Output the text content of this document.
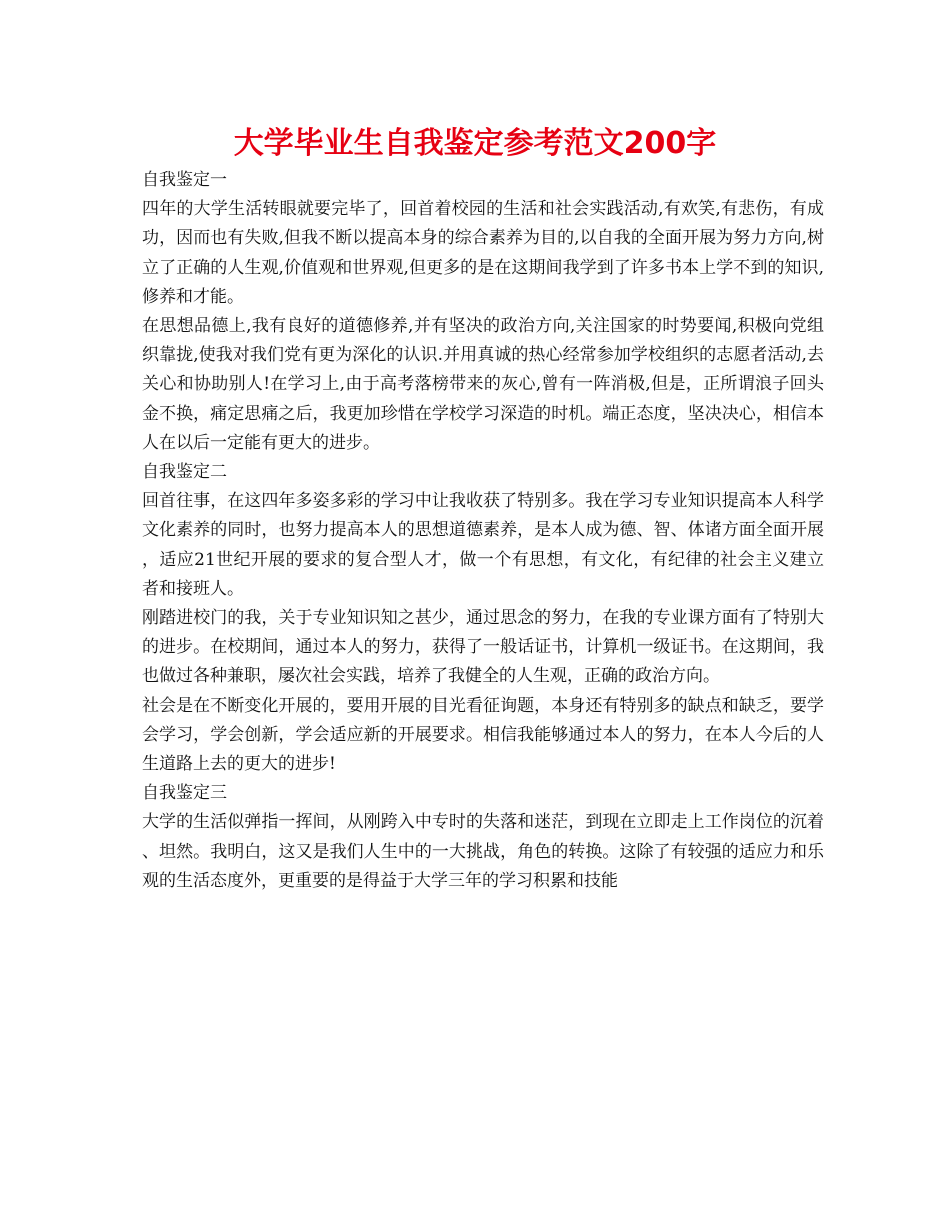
大学毕业生自我鉴定参考范文200字

自我鉴定一

四年的大学生活转眼就要完毕了，回首着校园的生活和社会实践活动,有欢笑,有悲伤，有成功，因而也有失败,但我不断以提高本身的综合素养为目的,以自我的全面开展为努力方向,树立了正确的人生观,价值观和世界观,但更多的是在这期间我学到了许多书本上学不到的知识,修养和才能。

在思想品德上,我有良好的道德修养,并有坚决的政治方向,关注国家的时势要闻,积极向党组织靠拢,使我对我们党有更为深化的认识.并用真诚的热心经常参加学校组织的志愿者活动,去关心和协助别人!在学习上,由于高考落榜带来的灰心,曾有一阵消极,但是，正所谓浪子回头金不换，痛定思痛之后，我更加珍惜在学校学习深造的时机。端正态度，坚决决心，相信本人在以后一定能有更大的进步。

自我鉴定二

回首往事，在这四年多姿多彩的学习中让我收获了特别多。我在学习专业知识提高本人科学文化素养的同时，也努力提高本人的思想道德素养，是本人成为德、智、体诸方面全面开展，适应21世纪开展的要求的复合型人才，做一个有思想，有文化，有纪律的社会主义建立者和接班人。

刚踏进校门的我，关于专业知识知之甚少，通过思念的努力，在我的专业课方面有了特别大的进步。在校期间，通过本人的努力，获得了一般话证书，计算机一级证书。在这期间，我也做过各种兼职，屡次社会实践，培养了我健全的人生观，正确的政治方向。

社会是在不断变化开展的，要用开展的目光看征询题，本身还有特别多的缺点和缺乏，要学会学习，学会创新，学会适应新的开展要求。相信我能够通过本人的努力，在本人今后的人生道路上去的更大的进步!

自我鉴定三

大学的生活似弹指一挥间，从刚跨入中专时的失落和迷茫，到现在立即走上工作岗位的沉着、坦然。我明白，这又是我们人生中的一大挑战，角色的转换。这除了有较强的适应力和乐观的生活态度外，更重要的是得益于大学三年的学习积累和技能
